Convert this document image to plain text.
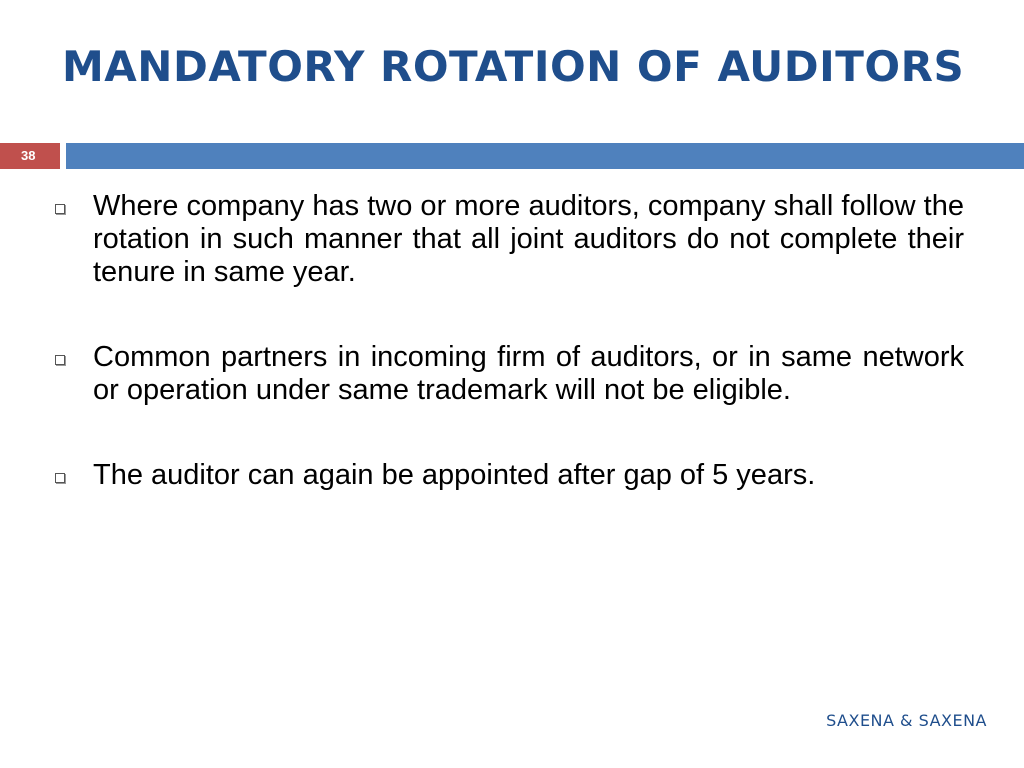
MANDATORY ROTATION OF AUDITORS
38
Where company has two or more auditors, company shall follow the rotation in such manner that all joint auditors do not complete their tenure in same year.
Common partners in incoming firm of auditors, or in same network or operation under same trademark will not be eligible.
The auditor can again be appointed after gap of 5 years.
SAXENA & SAXENA
